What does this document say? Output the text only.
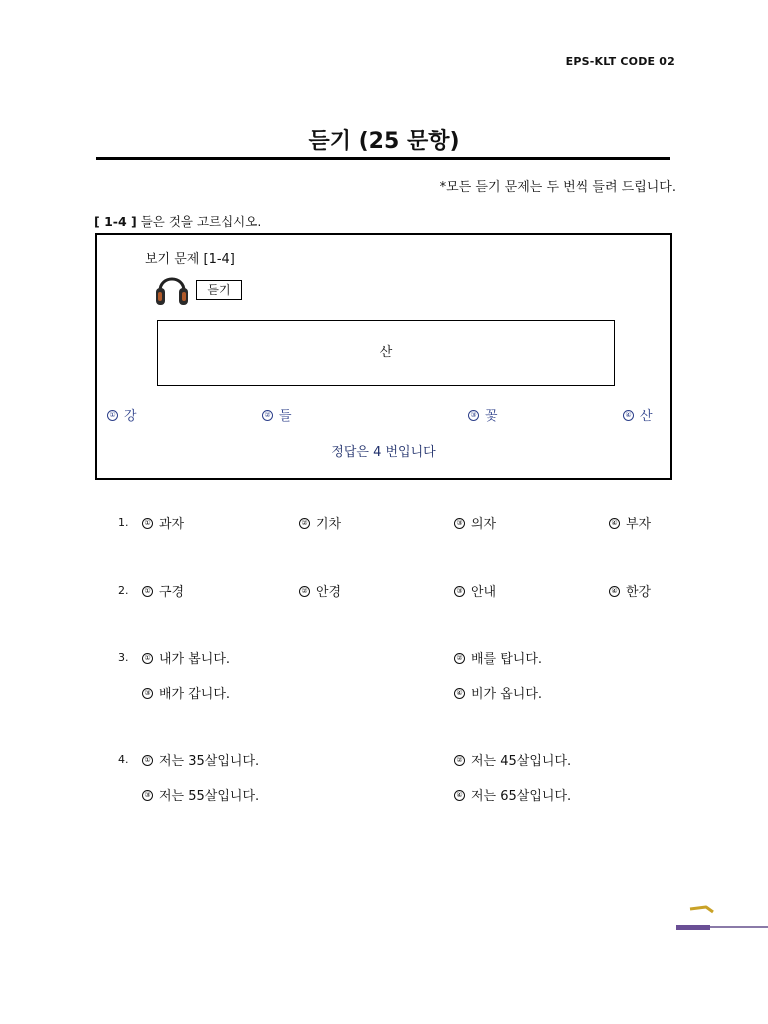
EPS-KLT CODE 02
듣기 (25 문항)
*모든 듣기 문제는 두 번씩 들려 드립니다.
[ 1-4 ] 들은 것을 고르십시오.
보기 문제 [1-4]
듣기
산
① 강	② 들	③ 꽃	④ 산
정답은 4 번입니다
1.	① 과자	② 기차	③ 의자	④ 부자
2.	① 구경	② 안경	③ 안내	④ 한강
3.	① 내가 봅니다.	② 배를 탑니다.
③ 배가 갑니다.	④ 비가 옵니다.
4.	① 저는 35살입니다.	② 저는 45살입니다.
③ 저는 55살입니다.	④ 저는 65살입니다.
